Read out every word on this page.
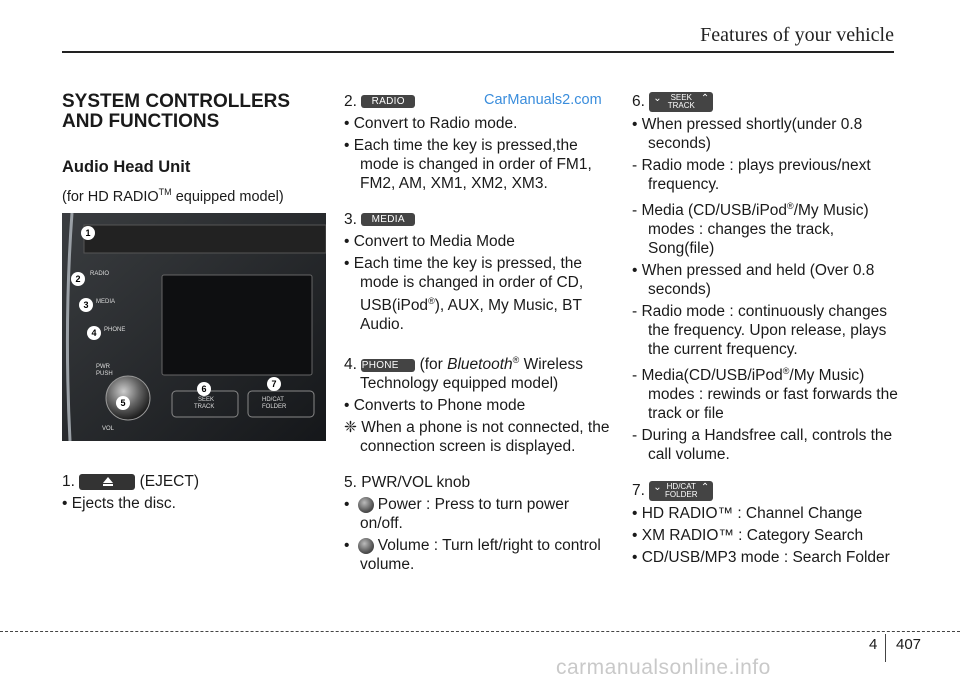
Features of your vehicle
CarManuals2.com
SYSTEM CONTROLLERS AND FUNCTIONS
Audio Head Unit

(for HD RADIO™ equipped model)

RADIO
MEDIA
PHONE
PWR
PUSH
VOL
SEEK
TRACK
HD/CAT
FOLDER
1
2
3
4
5
6	7

1.	(EJECT)

• Ejects the disc.

2. RADIO

• Convert to Radio mode.

• Each time the key is pressed,the mode is changed in order of FM1, FM2, AM, XM1, XM2, XM3.

3. MEDIA

• Convert to Media Mode

• Each time the key is pressed, the mode is changed in order of CD, USB(iPod®), AUX, My Music, BT Audio.

4. PHONE (for Bluetooth® Wireless Technology equipped model)

• Converts to Phone mode

❈ When a phone is not connected, the connection screen is displayed.

5. PWR/VOL knob

• Power : Press to turn power on/off.

• Volume : Turn left/right to control volume.

6. ⌄	SEEK
TRACK
⌃

• When pressed shortly(under 0.8 seconds)

- Radio mode : plays previous/next frequency.

- Media (CD/USB/iPod®/My Music) modes : changes the track, Song(file)

• When pressed and held (Over 0.8 seconds)

- Radio mode : continuously changes the frequency. Upon release, plays the current frequency.

- Media(CD/USB/iPod®/My Music) modes : rewinds or fast forwards the track or file

- During a Handsfree call, controls the call volume.

7. ⌄ HD/CAT
FOLDER
⌃

• HD RADIO™ : Channel Change

• XM RADIO™ : Category Search

• CD/USB/MP3 mode : Search Folder

4 407
carmanualsonline.info
